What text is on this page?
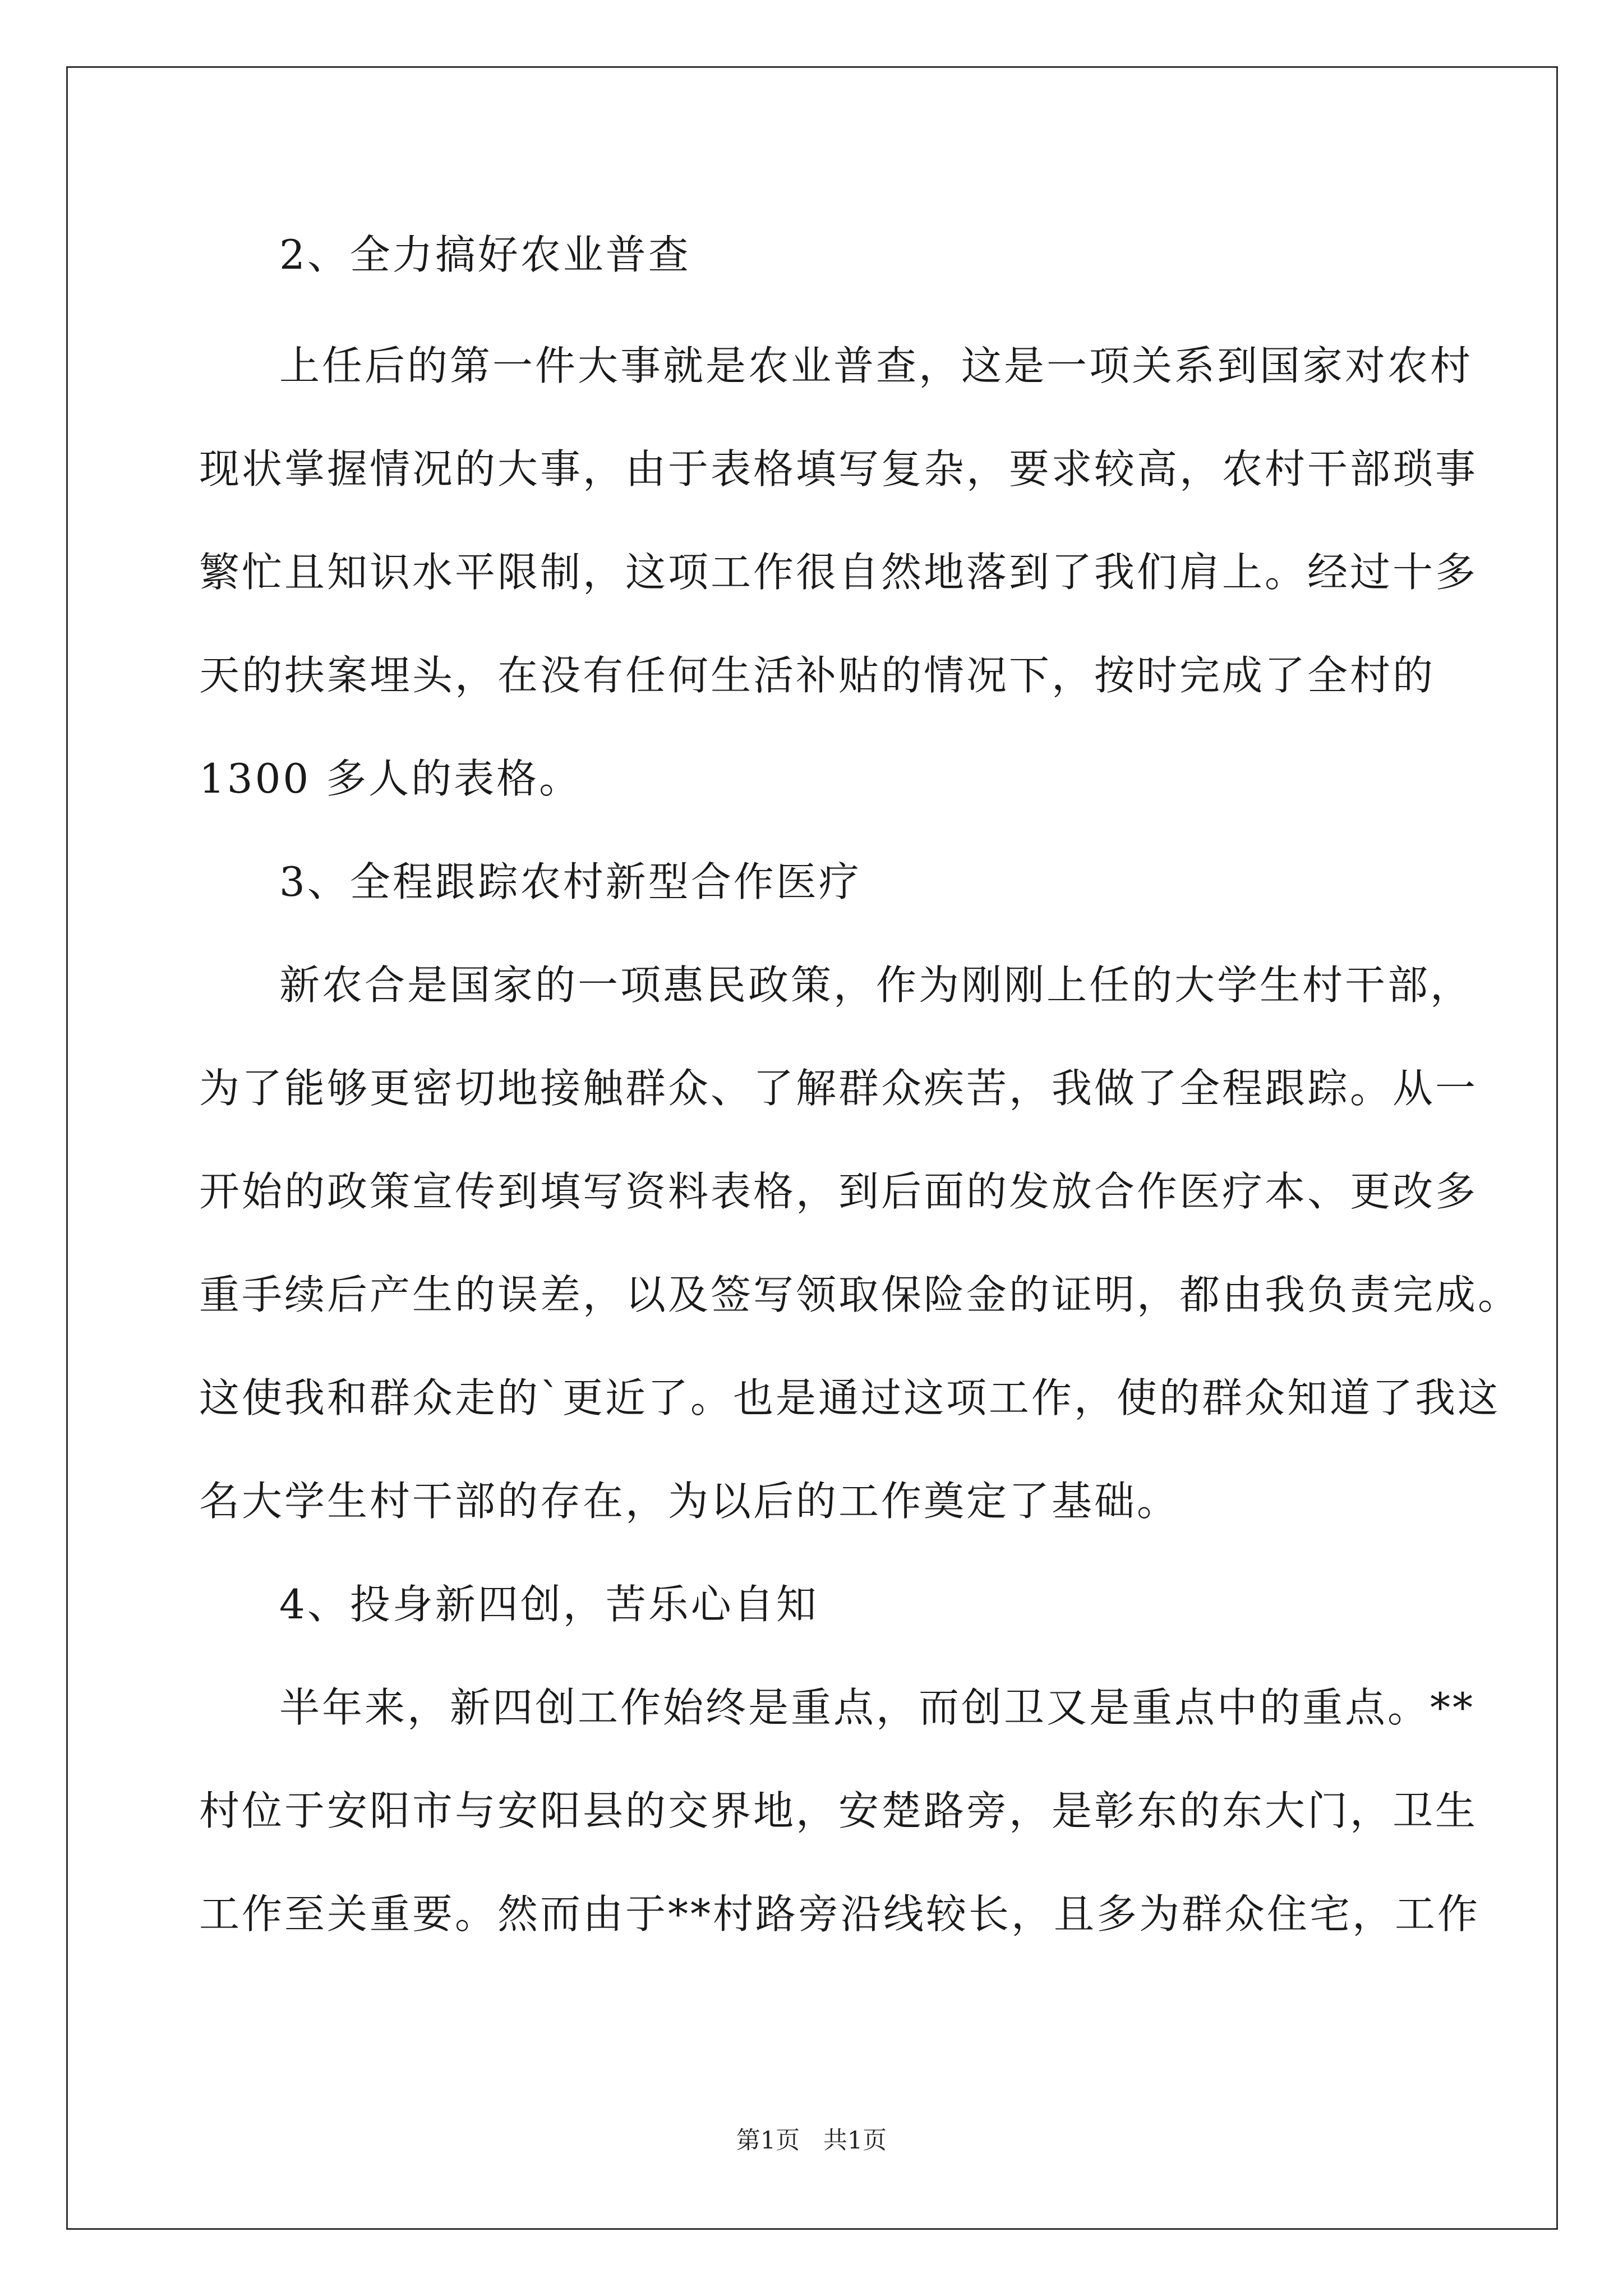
2、全力搞好农业普查
上任后的第一件大事就是农业普查，这是一项关系到国家对农村
现状掌握情况的大事，由于表格填写复杂，要求较高，农村干部琐事
繁忙且知识水平限制，这项工作很自然地落到了我们肩上。经过十多
天的扶案埋头，在没有任何生活补贴的情况下，按时完成了全村的
1300 多人的表格。
3、全程跟踪农村新型合作医疗
新农合是国家的一项惠民政策，作为刚刚上任的大学生村干部，
为了能够更密切地接触群众、了解群众疾苦，我做了全程跟踪。从一
开始的政策宣传到填写资料表格，到后面的发放合作医疗本、更改多
重手续后产生的误差，以及签写领取保险金的证明，都由我负责完成。
这使我和群众走的`更近了。也是通过这项工作，使的群众知道了我这
名大学生村干部的存在，为以后的工作奠定了基础。
4、投身新四创，苦乐心自知
半年来，新四创工作始终是重点，而创卫又是重点中的重点。**
村位于安阳市与安阳县的交界地，安楚路旁，是彰东的东大门，卫生
工作至关重要。然而由于**村路旁沿线较长，且多为群众住宅，工作
第1页 共1页
